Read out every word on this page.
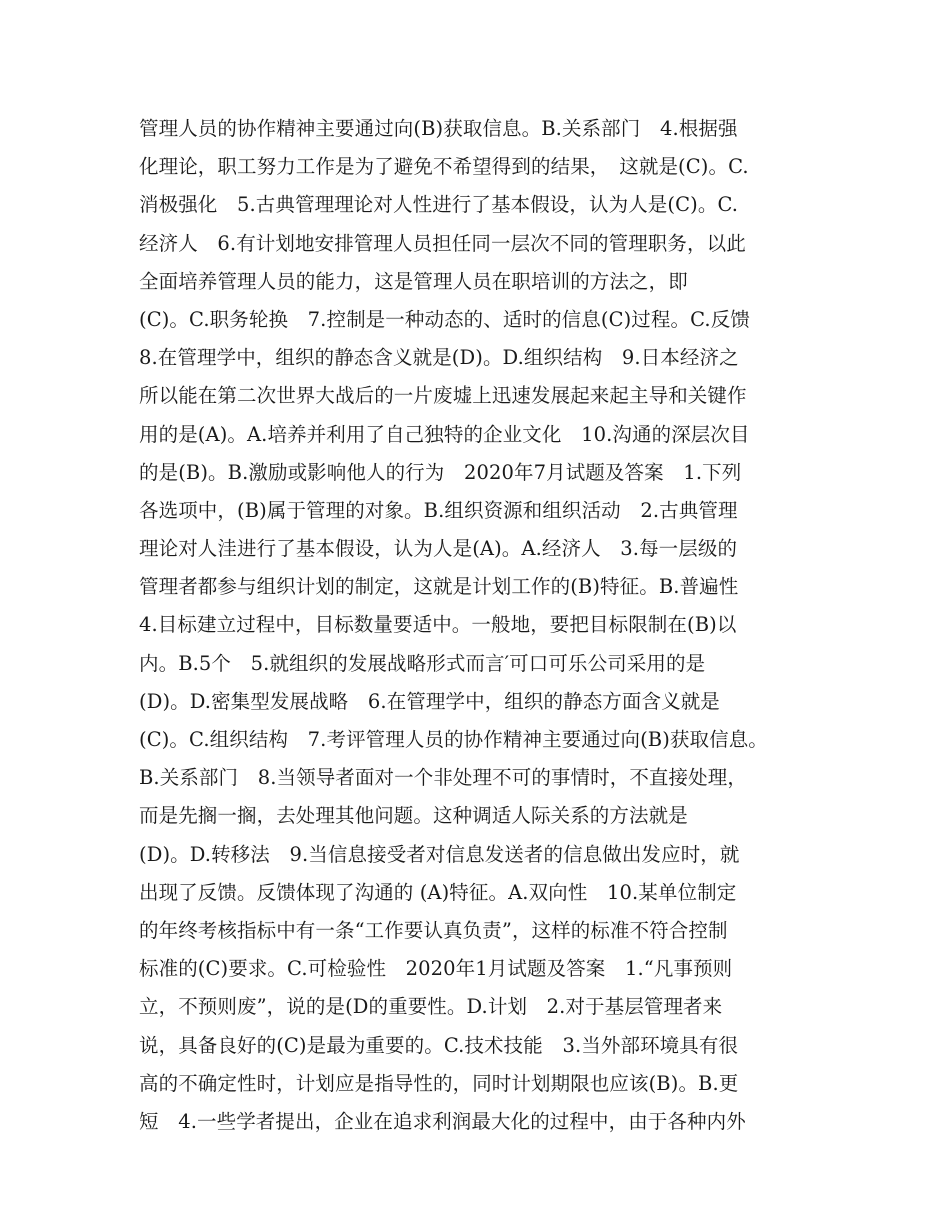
管理人员的协作精神主要通过向(B)获取信息。B.关系部门　4.根据强
化理论，职工努力工作是为了避免不希望得到的结果，　这就是(C)。C.
消极强化　5.古典管理理论对人性进行了基本假设，认为人是(C)。C.
经济人　6.有计划地安排管理人员担任同一层次不同的管理职务，以此
全面培养管理人员的能力，这是管理人员在职培训的方法之，即
(C)。C.职务轮换　7.控制是一种动态的、适时的信息(C)过程。C.反馈
8.在管理学中，组织的静态含义就是(D)。D.组织结构　9.日本经济之
所以能在第二次世界大战后的一片废墟上迅速发展起来起主导和关键作
用的是(A)。A.培养并利用了自己独特的企业文化　10.沟通的深层次目
的是(B)。B.激励或影响他人的行为　2020年7月试题及答案　1.下列
各选项中，(B)属于管理的对象。B.组织资源和组织活动　2.古典管理
理论对人洼进行了基本假设，认为人是(A)。A.经济人　3.每一层级的
管理者都参与组织计划的制定，这就是计划工作的(B)特征。B.普遍性
4.目标建立过程中，目标数量要适中。一般地，要把目标限制在(B)以
内。B.5个　5.就组织的发展战略形式而言′可口可乐公司采用的是
(D)。D.密集型发展战略　6.在管理学中，组织的静态方面含义就是
(C)。C.组织结构　7.考评管理人员的协作精神主要通过向(B)获取信息。
B.关系部门　8.当领导者面对一个非处理不可的事情时，不直接处理，
而是先搁一搁，去处理其他问题。这种调适人际关系的方法就是
(D)。D.转移法　9.当信息接受者对信息发送者的信息做出发应时，就
出现了反馈。反馈体现了沟通的 (A)特征。A.双向性　10.某单位制定
的年终考核指标中有一条“工作要认真负责”，这样的标准不符合控制
标准的(C)要求。C.可检验性　2020年1月试题及答案　1.“凡事预则
立，不预则废”，说的是(D的重要性。D.计划　2.对于基层管理者来
说，具备良好的(C)是最为重要的。C.技术技能　3.当外部环境具有很
高的不确定性时，计划应是指导性的，同时计划期限也应该(B)。B.更
短　4.一些学者提出，企业在追求利润最大化的过程中，由于各种内外
